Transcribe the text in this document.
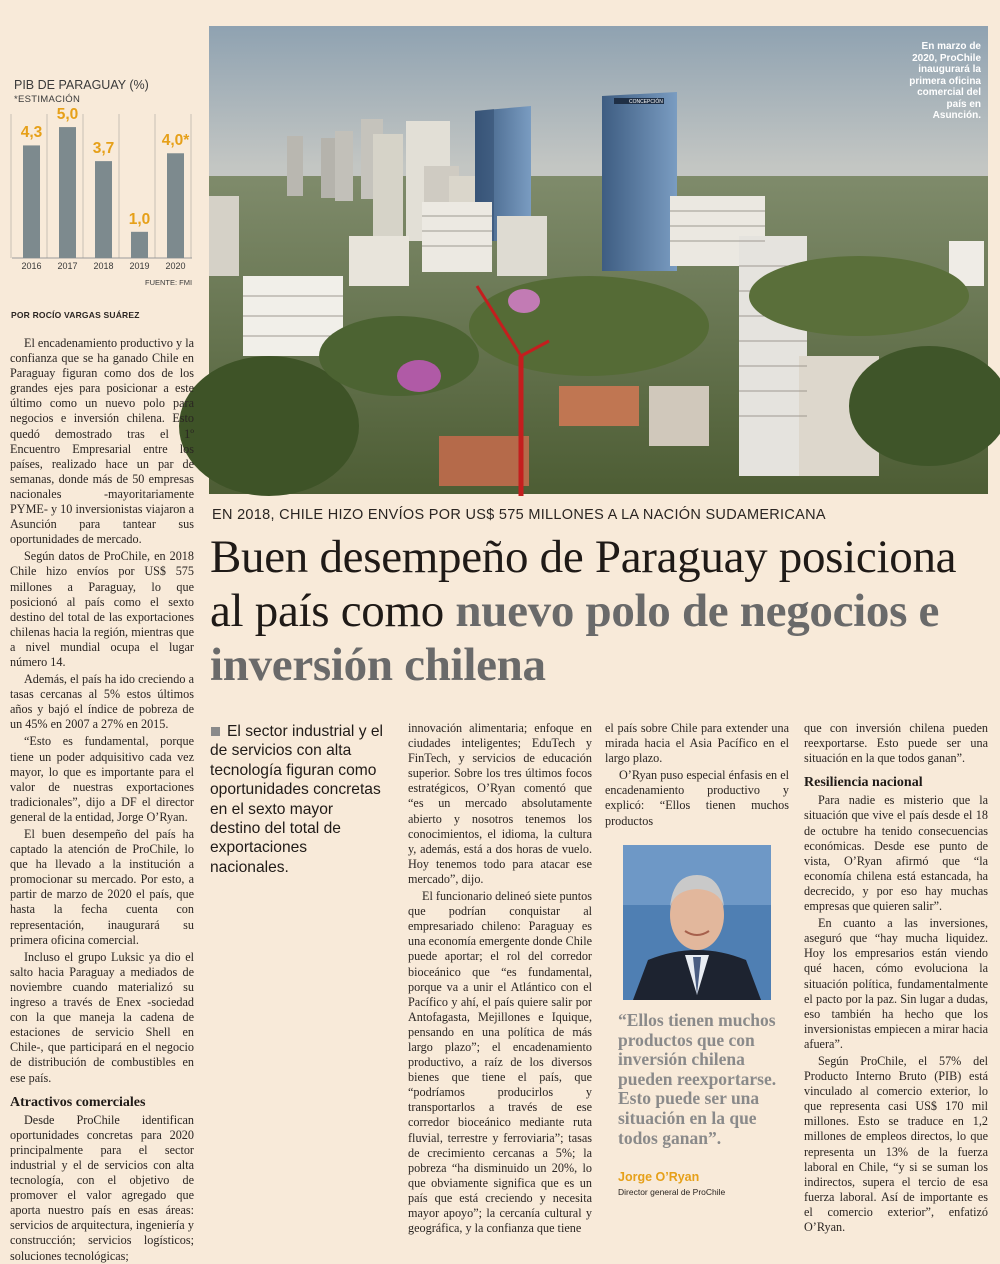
PIB DE PARAGUAY (%)
*ESTIMACIÓN
4,3
2016
5,0
2017
3,7
2018
1,0
2019
4,0*
2020
FUENTE: FMI
POR ROCÍO VARGAS SUÁREZ
CONCEPCIÓN
En marzo de 2020, ProChile inaugurará la primera oficina comercial del país en Asunción.
EN 2018, CHILE HIZO ENVÍOS POR US$ 575 MILLONES A LA NACIÓN SUDAMERICANA
Buen desempeño de Paraguay posiciona al país como nuevo polo de negocios e inversión chilena
El sector industrial y el de servicios con alta tecnología figuran como oportunidades concretas en el sexto mayor destino del total de exportaciones nacionales.

El encadenamiento productivo y la confianza que se ha ganado Chile en Paraguay figuran como dos de los grandes ejes para posicionar a este último como un nuevo polo para negocios e inversión chilena. Esto quedó demostrado tras el 1º Encuentro Empresarial entre los países, realizado hace un par de semanas, donde más de 50 empresas nacionales -mayoritariamente PYME- y 10 inversionistas viajaron a Asunción para tantear sus oportunidades de mercado.

Según datos de ProChile, en 2018 Chile hizo envíos por US$ 575 millones a Paraguay, lo que posicionó al país como el sexto destino del total de las exportaciones chilenas hacia la región, mientras que a nivel mundial ocupa el lugar número 14.

Además, el país ha ido creciendo a tasas cercanas al 5% estos últimos años y bajó el índice de pobreza de un 45% en 2007 a 27% en 2015.

“Esto es fundamental, porque tiene un poder adquisitivo cada vez mayor, lo que es importante para el valor de nuestras exportaciones tradicionales”, dijo a DF el director general de la entidad, Jorge O’Ryan.

El buen desempeño del país ha captado la atención de ProChile, lo que ha llevado a la institución a promocionar su mercado. Por esto, a partir de marzo de 2020 el país, que hasta la fecha cuenta con representación, inaugurará su primera oficina comercial.

Incluso el grupo Luksic ya dio el salto hacia Paraguay a mediados de noviembre cuando materializó su ingreso a través de Enex -sociedad con la que maneja la cadena de estaciones de servicio Shell en Chile-, que participará en el negocio de distribución de combustibles en ese país.

Atractivos comerciales

Desde ProChile identifican oportunidades concretas para 2020 principalmente para el sector industrial y el de servicios con alta tecnología, con el objetivo de promover el valor agregado que aporta nuestro país en esas áreas: servicios de arquitectura, ingeniería y construcción; servicios logísticos; soluciones tecnológicas;

innovación alimentaria; enfoque en ciudades inteligentes; EduTech y FinTech, y servicios de educación superior. Sobre los tres últimos focos estratégicos, O’Ryan comentó que “es un mercado absolutamente abierto y nosotros tenemos los conocimientos, el idioma, la cultura y, además, está a dos horas de vuelo. Hoy tenemos todo para atacar ese mercado”, dijo.

El funcionario delineó siete puntos que podrían conquistar al empresariado chileno: Paraguay es una economía emergente donde Chile puede aportar; el rol del corredor bioceánico que “es fundamental, porque va a unir el Atlántico con el Pacífico y ahí, el país quiere salir por Antofagasta, Mejillones e Iquique, pensando en una política de más largo plazo”; el encadenamiento productivo, a raíz de los diversos bienes que tiene el país, que “podríamos producirlos y transportarlos a través de ese corredor bioceánico mediante ruta fluvial, terrestre y ferroviaria”; tasas de crecimiento cercanas a 5%; la pobreza “ha disminuido un 20%, lo que obviamente significa que es un país que está creciendo y necesita mayor apoyo”; la cercanía cultural y geográfica, y la confianza que tiene

el país sobre Chile para extender una mirada hacia el Asia Pacífico en el largo plazo.

O’Ryan puso especial énfasis en el encadenamiento productivo y explicó: “Ellos tienen muchos productos

“Ellos tienen muchos productos que con inversión chilena pueden reexportarse. Esto puede ser una situación en la que todos ganan”.
Jorge O’Ryan
Director general de ProChile

que con inversión chilena pueden reexportarse. Esto puede ser una situación en la que todos ganan”.

Resiliencia nacional

Para nadie es misterio que la situación que vive el país desde el 18 de octubre ha tenido consecuencias económicas. Desde ese punto de vista, O’Ryan afirmó que “la economía chilena está estancada, ha decrecido, y por eso hay muchas empresas que quieren salir”.

En cuanto a las inversiones, aseguró que “hay mucha liquidez. Hoy los empresarios están viendo qué hacen, cómo evoluciona la situación política, fundamentalmente el pacto por la paz. Sin lugar a dudas, eso también ha hecho que los inversionistas empiecen a mirar hacia afuera”.

Según ProChile, el 57% del Producto Interno Bruto (PIB) está vinculado al comercio exterior, lo que representa casi US$ 170 mil millones. Esto se traduce en 1,2 millones de empleos directos, lo que representa un 13% de la fuerza laboral en Chile, “y si se suman los indirectos, supera el tercio de esa fuerza laboral. Así de importante es el comercio exterior”, enfatizó O’Ryan.
